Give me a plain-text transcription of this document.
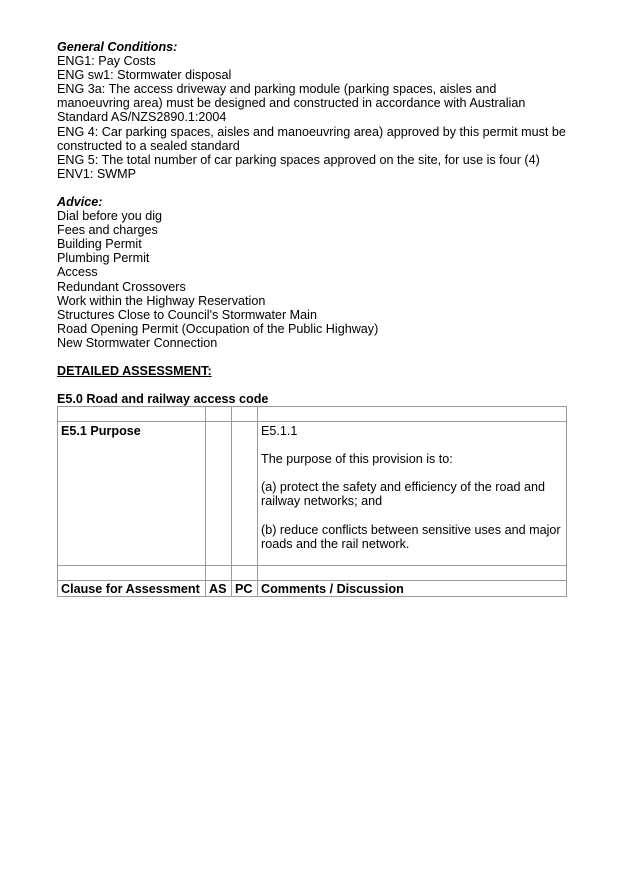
General Conditions:
ENG1: Pay Costs
ENG sw1: Stormwater disposal
ENG 3a: The access driveway and parking module (parking spaces, aisles and manoeuvring area) must be designed and constructed in accordance with Australian Standard AS/NZS2890.1:2004
ENG 4: Car parking spaces, aisles and manoeuvring area) approved by this permit must be constructed to a sealed standard
ENG 5: The total number of car parking spaces approved on the site, for use is four (4)
ENV1: SWMP
Advice:
Dial before you dig
Fees and charges
Building Permit
Plumbing Permit
Access
Redundant Crossovers
Work within the Highway Reservation
Structures Close to Council's Stormwater Main
Road Opening Permit (Occupation of the Public Highway)
New Stormwater Connection
DETAILED ASSESSMENT:
E5.0 Road and railway access code

E5.1 Purpose			E5.1.1

The purpose of this provision is to:

(a) protect the safety and efficiency of the road and railway networks; and

(b) reduce conflicts between sensitive uses and major roads and the rail network.

Clause for Assessment	AS	PC	Comments / Discussion
